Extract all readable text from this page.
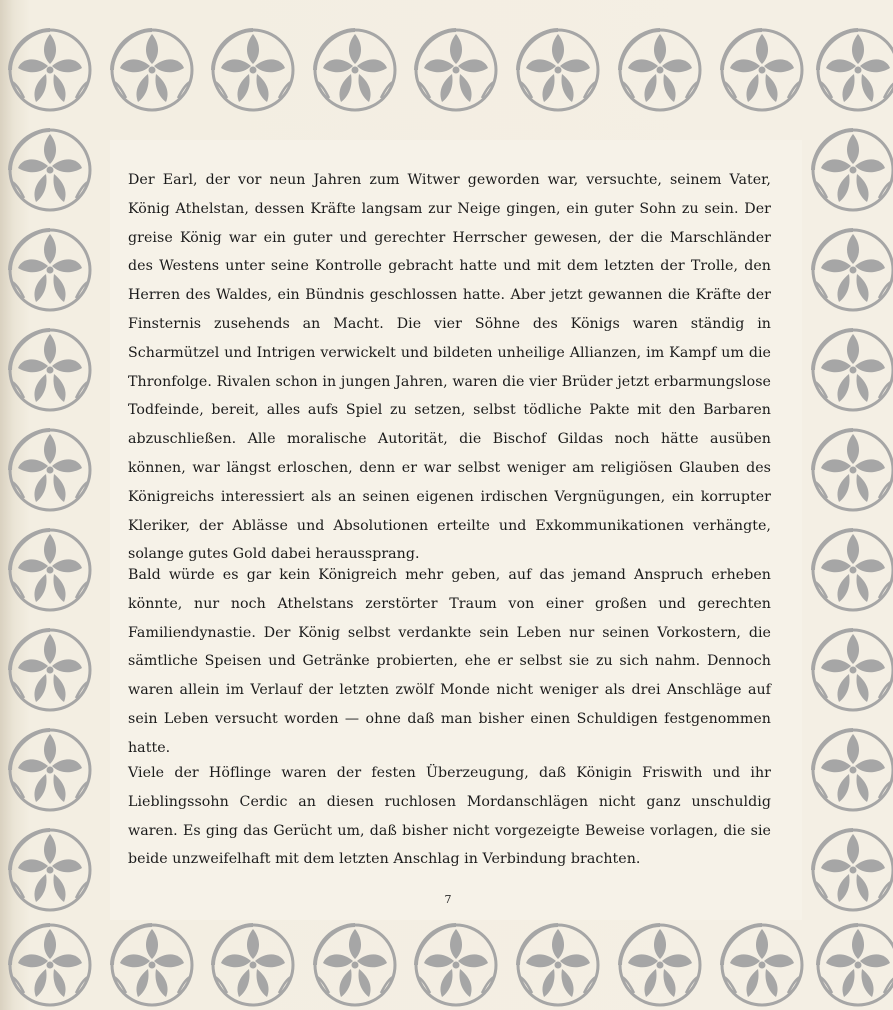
Der Earl, der vor neun Jahren zum Witwer geworden war, versuchte, seinem Vater, König Athelstan, dessen Kräfte langsam zur Neige gingen, ein guter Sohn zu sein. Der greise König war ein guter und gerechter Herrscher gewesen, der die Marschländer des Westens unter seine Kontrolle gebracht hatte und mit dem letzten der Trolle, den Herren des Waldes, ein Bündnis geschlossen hatte. Aber jetzt gewannen die Kräfte der Finsternis zusehends an Macht. Die vier Söhne des Königs waren ständig in Scharmützel und Intrigen verwickelt und bildeten unheilige Allianzen, im Kampf um die Thronfolge. Rivalen schon in jungen Jahren, waren die vier Brüder jetzt erbarmungslose Todfeinde, bereit, alles aufs Spiel zu setzen, selbst tödliche Pakte mit den Barbaren abzuschließen. Alle moralische Autorität, die Bischof Gildas noch hätte ausüben können, war längst erloschen, denn er war selbst weniger am religiösen Glauben des Königreichs interessiert als an seinen eigenen irdischen Vergnügungen, ein korrupter Kleriker, der Ablässe und Absolutionen erteilte und Exkommunikationen verhängte, solange gutes Gold dabei heraussprang.

Bald würde es gar kein Königreich mehr geben, auf das jemand Anspruch erheben könnte, nur noch Athelstans zerstörter Traum von einer großen und gerechten Familiendynastie. Der König selbst verdankte sein Leben nur seinen Vorkostern, die sämtliche Speisen und Getränke probierten, ehe er selbst sie zu sich nahm. Dennoch waren allein im Verlauf der letzten zwölf Monde nicht weniger als drei Anschläge auf sein Leben versucht worden — ohne daß man bisher einen Schuldigen festgenommen hatte.

Viele der Höflinge waren der festen Überzeugung, daß Königin Friswith und ihr Lieblingssohn Cerdic an diesen ruchlosen Mordanschlägen nicht ganz unschuldig waren. Es ging das Gerücht um, daß bisher nicht vorgezeigte Beweise vorlagen, die sie beide unzweifelhaft mit dem letzten Anschlag in Verbindung brachten.

7
